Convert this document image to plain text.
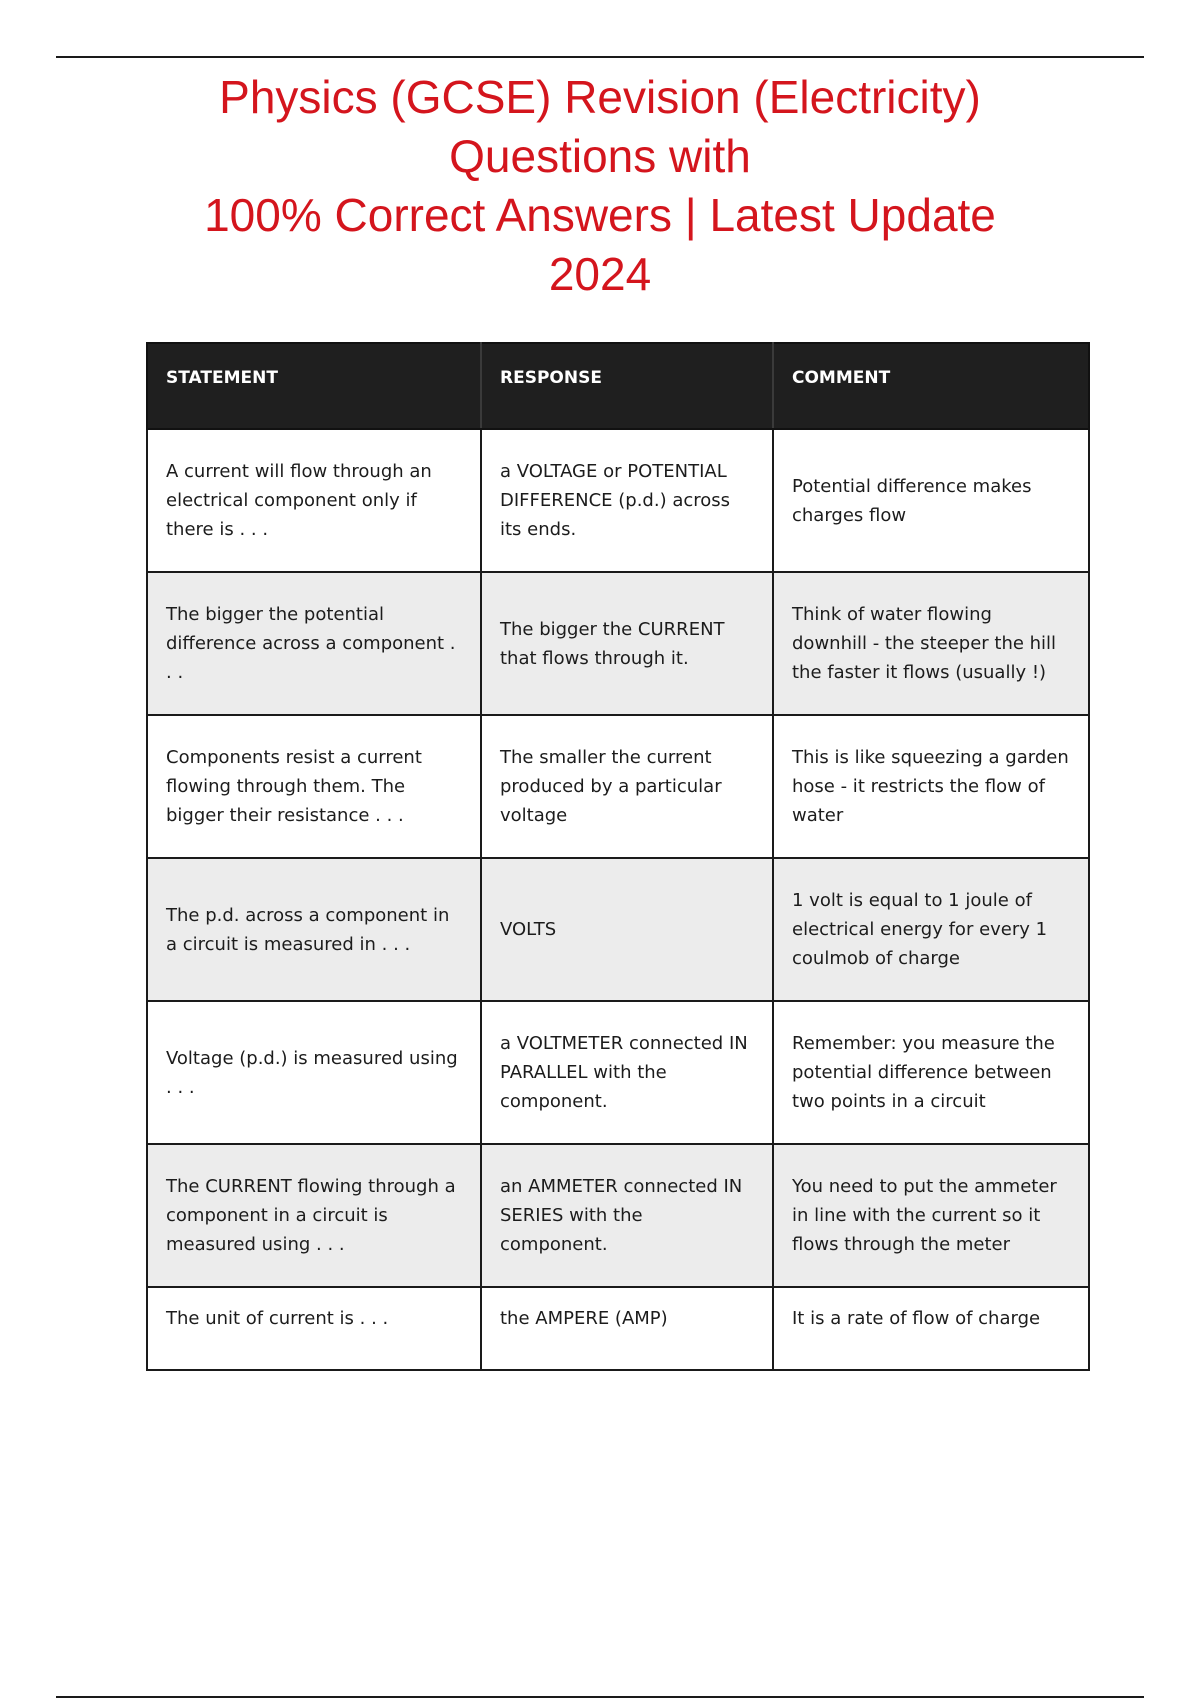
Physics (GCSE) Revision (Electricity)
Questions with
100% Correct Answers | Latest Update
2024
STATEMENT	RESPONSE	COMMENT
A current will flow through an electrical component only if there is . . .	a VOLTAGE or POTENTIAL DIFFERENCE (p.d.) across its ends.	Potential difference makes charges flow
The bigger the potential difference across a component . . .	The bigger the CURRENT that flows through it.	Think of water flowing downhill - the steeper the hill the faster it flows (usually !)
Components resist a current flowing through them. The bigger their resistance . . .	The smaller the current produced by a particular voltage	This is like squeezing a garden hose - it restricts the flow of water
The p.d. across a component in a circuit is measured in . . .	VOLTS	1 volt is equal to 1 joule of electrical energy for every 1 coulmob of charge
Voltage (p.d.) is measured using . . .	a VOLTMETER connected IN PARALLEL with the component.	Remember: you measure the potential difference between two points in a circuit
The CURRENT flowing through a component in a circuit is measured using . . .	an AMMETER connected IN SERIES with the component.	You need to put the ammeter in line with the current so it flows through the meter
The unit of current is . . .	the AMPERE (AMP)	It is a rate of flow of charge
